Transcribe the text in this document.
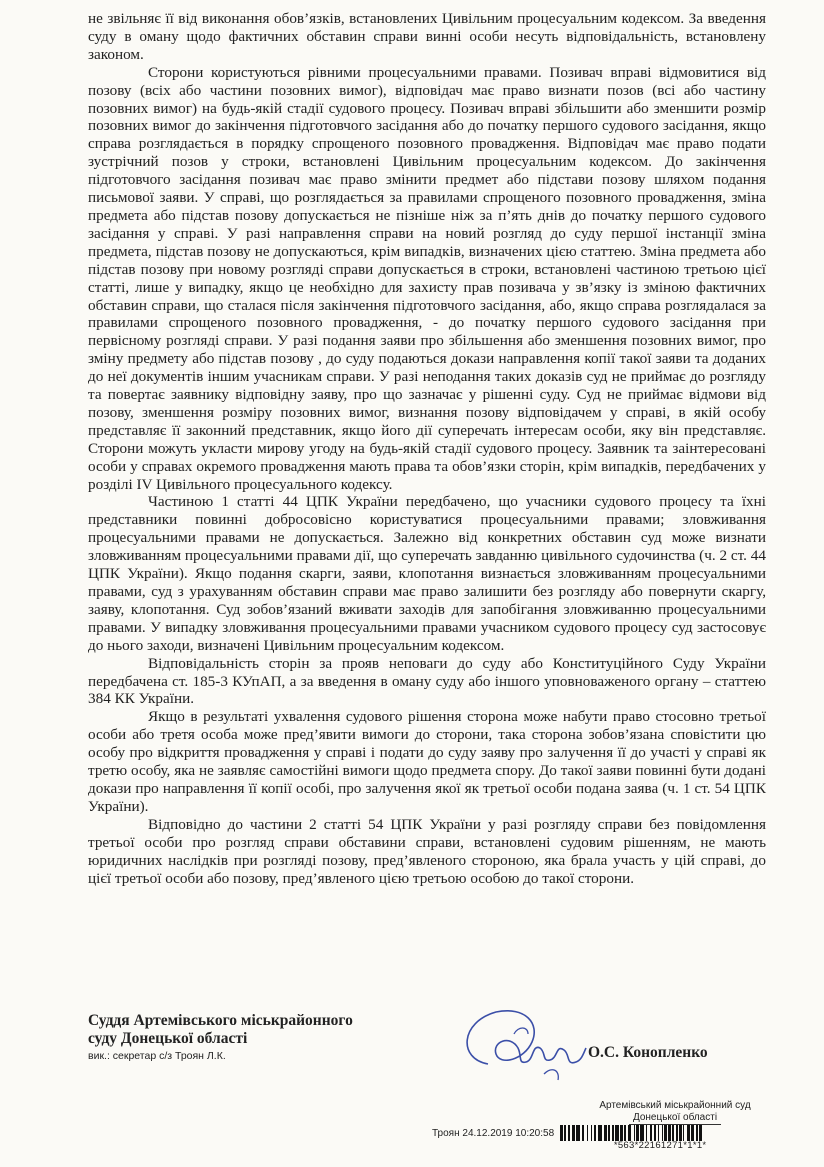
не звільняє її від виконання обов’язків, встановлених Цивільним процесуальним кодексом. За введення суду в оману щодо фактичних обставин справи винні особи несуть відповідальність, встановлену законом.

Сторони користуються рівними процесуальними правами. Позивач вправі відмовитися від позову (всіх або частини позовних вимог), відповідач має право визнати позов (всі або частину позовних вимог) на будь-якій стадії судового процесу. Позивач вправі збільшити або зменшити розмір позовних вимог до закінчення підготовчого засідання або до початку першого судового засідання, якщо справа розглядається в порядку спрощеного позовного провадження. Відповідач має право подати зустрічний позов у строки, встановлені Цивільним процесуальним кодексом. До закінчення підготовчого засідання позивач має право змінити предмет або підстави позову шляхом подання письмової заяви. У справі, що розглядається за правилами спрощеного позовного провадження, зміна предмета або підстав позову допускається не пізніше ніж за п’ять днів до початку першого судового засідання у справі. У разі направлення справи на новий розгляд до суду першої інстанції зміна предмета, підстав позову не допускаються, крім випадків, визначених цією статтею. Зміна предмета або підстав позову при новому розгляді справи допускається в строки, встановлені частиною третьою цієї статті, лише у випадку, якщо це необхідно для захисту прав позивача у зв’язку із зміною фактичних обставин справи, що сталася після закінчення підготовчого засідання, або, якщо справа розглядалася за правилами спрощеного позовного провадження, - до початку першого судового засідання при первісному розгляді справи. У разі подання заяви про збільшення або зменшення позовних вимог, про зміну предмету або підстав позову , до суду подаються докази направлення копії такої заяви та доданих до неї документів іншим учасникам справи. У разі неподання таких доказів суд не приймає до розгляду та повертає заявнику відповідну заяву, про що зазначає у рішенні суду. Суд не приймає відмови від позову, зменшення розміру позовних вимог, визнання позову відповідачем у справі, в якій особу представляє її законний представник, якщо його дії суперечать інтересам особи, яку він представляє. Сторони можуть укласти мирову угоду на будь-якій стадії судового процесу. Заявник та заінтересовані особи у справах окремого провадження мають права та обов’язки сторін, крім випадків, передбачених у розділі IV Цивільного процесуального кодексу.

Частиною 1 статті 44 ЦПК України передбачено, що учасники судового процесу та їхні представники повинні добросовісно користуватися процесуальними правами; зловживання процесуальними правами не допускається. Залежно від конкретних обставин суд може визнати зловживанням процесуальними правами дії, що суперечать завданню цивільного судочинства (ч. 2 ст. 44 ЦПК України). Якщо подання скарги, заяви, клопотання визнається зловживанням процесуальними правами, суд з урахуванням обставин справи має право залишити без розгляду або повернути скаргу, заяву, клопотання. Суд зобов’язаний вживати заходів для запобігання зловживанню процесуальними правами. У випадку зловживання процесуальними правами учасником судового процесу суд застосовує до нього заходи, визначені Цивільним процесуальним кодексом.

Відповідальність сторін за прояв неповаги до суду або Конституційного Суду України передбачена ст. 185-3 КУпАП, а за введення в оману суду або іншого уповноваженого органу – статтею 384 КК України.

Якщо в результаті ухвалення судового рішення сторона може набути право стосовно третьої особи або третя особа може пред’явити вимоги до сторони, така сторона зобов’язана сповістити цю особу про відкриття провадження у справі і подати до суду заяву про залучення її до участі у справі як третю особу, яка не заявляє самостійні вимоги щодо предмета спору. До такої заяви повинні бути додані докази про направлення її копії особі, про залучення якої як третьої особи подана заява (ч. 1 ст. 54 ЦПК України).

Відповідно до частини 2 статті 54 ЦПК України у разі розгляду справи без повідомлення третьої особи про розгляд справи обставини справи, встановлені судовим рішенням, не мають юридичних наслідків при розгляді позову, пред’явленого стороною, яка брала участь у цій справі, до цієї третьої особи або позову, пред’явленого цією третьою особою до такої сторони.

Суддя Артемівського міськрайонного

суду Донецької області

вик.: секретар с/з Троян Л.К.	О.С. Конопленко
Артемівський міськрайонний суд
Донецької області
Троян 24.12.2019 10:20:58
*563*22161271*1*1*
